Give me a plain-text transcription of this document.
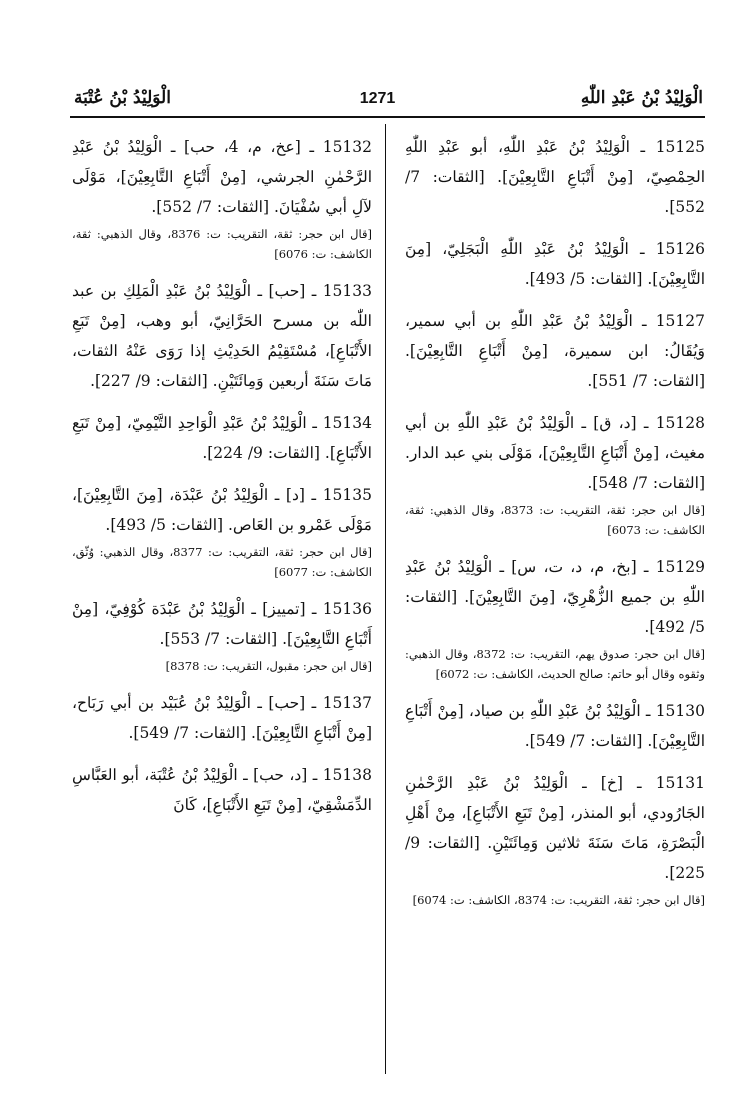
الْوَلِيْدُ بْنُ عَبْدِ اللّٰهِ
1271
الْوَلِيْدُ بْنُ عُتْبَة

15125 ـ الْوَلِيْدُ بْنُ عَبْدِ اللّٰهِ، أبو عَبْدِ اللّٰهِ الحِمْصِيّ، [مِنْ أَتْبَاعِ التَّابِعِيْنَ]. [الثقات: 7/ 552].

15126 ـ الْوَلِيْدُ بْنُ عَبْدِ اللّٰهِ الْبَجَلِيّ، [مِنَ التَّابِعِيْنَ]. [الثقات: 5/ 493].

15127 ـ الْوَلِيْدُ بْنُ عَبْدِ اللّٰهِ بن أبي سمير، وَيُقَالُ: ابن سميرة، [مِنْ أَتْبَاعِ التَّابِعِيْنَ]. [الثقات: 7/ 551].

15128 ـ [د، ق] ـ الْوَلِيْدُ بْنُ عَبْدِ اللّٰهِ بن أبي مغيث، [مِنْ أَتْبَاعِ التَّابِعِيْنَ]، مَوْلَى بني عبد الدار. [الثقات: 7/ 548].

[قال ابن حجر: ثقة، التقريب: ت: 8373، وقال الذهبي: ثقة، الكاشف: ت: 6073]

15129 ـ [بخ، م، د، ت، س] ـ الْوَلِيْدُ بْنُ عَبْدِ اللّٰهِ بن جميع الزُّهْرِيّ، [مِنَ التَّابِعِيْنَ]. [الثقات: 5/ 492].

[قال ابن حجر: صدوق يهم، التقريب: ت: 8372، وقال الذهبي: وثقوه وقال أبو حاتم: صالح الحديث، الكاشف: ت: 6072]

15130 ـ الْوَلِيْدُ بْنُ عَبْدِ اللّٰهِ بن صياد، [مِنْ أَتْبَاعِ التَّابِعِيْنَ]. [الثقات: 7/ 549].

15131 ـ [خ] ـ الْوَلِيْدُ بْنُ عَبْدِ الرَّحْمٰنِ الجَارُودي، أبو المنذر، [مِنْ تَبَعِ الأَتْبَاعِ]، مِنْ أَهْلِ الْبَصْرَةِ، مَاتَ سَنَةَ ثلاثين وَمِائَتَيْنِ. [الثقات: 9/ 225].

[قال ابن حجر: ثقة، التقريب: ت: 8374، الكاشف: ت: 6074]

15132 ـ [عخ، م، 4، حب] ـ الْوَلِيْدُ بْنُ عَبْدِ الرَّحْمٰنِ الجرشي، [مِنْ أَتْبَاعِ التَّابِعِيْنَ]، مَوْلَى لآلِ أبي سُفْيَانَ. [الثقات: 7/ 552].

[قال ابن حجر: ثقة، التقريب: ت: 8376، وقال الذهبي: ثقة، الكاشف: ت: 6076]

15133 ـ [حب] ـ الْوَلِيْدُ بْنُ عَبْدِ الْمَلِكِ بن عبد اللّٰه بن مسرح الحَرَّانِيّ، أبو وهب، [مِنْ تَبَعِ الأَتْبَاعِ]، مُسْتَقِيْمُ الحَدِيْثِ إذا رَوَى عَنْهُ الثقات، مَاتَ سَنَةَ أربعين وَمِائَتَيْنِ. [الثقات: 9/ 227].

15134 ـ الْوَلِيْدُ بْنُ عَبْدِ الْوَاحِدِ التَّيْمِيّ، [مِنْ تَبَعِ الأَتْبَاعِ]. [الثقات: 9/ 224].

15135 ـ [د] ـ الْوَلِيْدُ بْنُ عَبْدَة، [مِنَ التَّابِعِيْنَ]، مَوْلَى عَمْرو بن العَاص. [الثقات: 5/ 493].

[قال ابن حجر: ثقة، التقريب: ت: 8377، وقال الذهبي: وُثّق، الكاشف: ت: 6077]

15136 ـ [تمييز] ـ الْوَلِيْدُ بْنُ عَبْدَة كُوْفِيّ، [مِنْ أَتْبَاعِ التَّابِعِيْنَ]. [الثقات: 7/ 553].

[قال ابن حجر: مقبول، التقريب: ت: 8378]

15137 ـ [حب] ـ الْوَلِيْدُ بْنُ عُبَيْد بن أبي رَبَاح، [مِنْ أَتْبَاعِ التَّابِعِيْنَ]. [الثقات: 7/ 549].

15138 ـ [د، حب] ـ الْوَلِيْدُ بْنُ عُتْبَة، أبو العَبَّاسِ الدِّمَشْقِيّ، [مِنْ تَبَعِ الأَتْبَاعِ]، كَانَ
